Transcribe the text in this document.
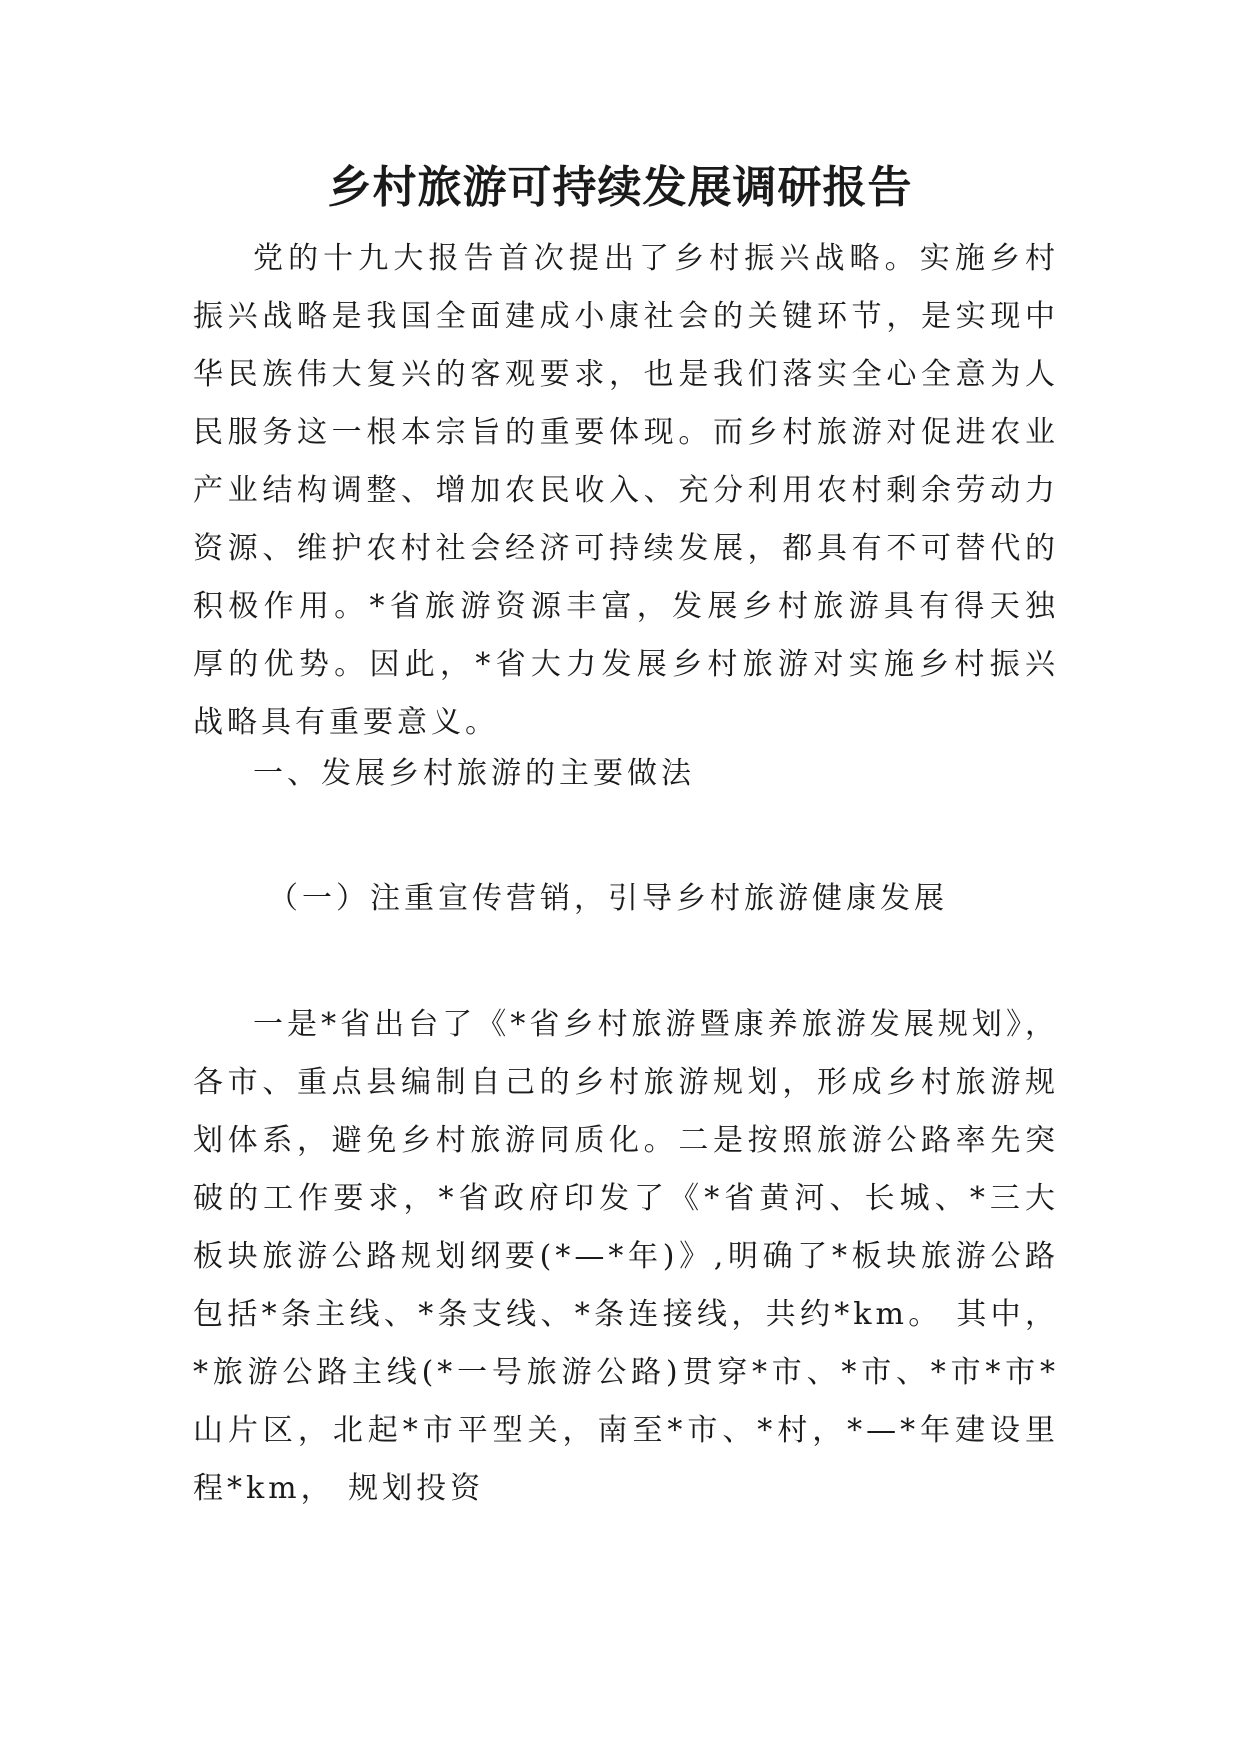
乡村旅游可持续发展调研报告

党的十九大报告首次提出了乡村振兴战略。实施乡村振兴战略是我国全面建成小康社会的关键环节，是实现中华民族伟大复兴的客观要求，也是我们落实全心全意为人民服务这一根本宗旨的重要体现。而乡村旅游对促进农业产业结构调整、增加农民收入、充分利用农村剩余劳动力资源、维护农村社会经济可持续发展，都具有不可替代的积极作用。*省旅游资源丰富，发展乡村旅游具有得天独厚的优势。因此，*省大力发展乡村旅游对实施乡村振兴战略具有重要意义。

一、发展乡村旅游的主要做法
（一）注重宣传营销，引导乡村旅游健康发展

一是*省出台了《*省乡村旅游暨康养旅游发展规划》，各市、重点县编制自己的乡村旅游规划，形成乡村旅游规划体系，避免乡村旅游同质化。二是按照旅游公路率先突破的工作要求，*省政府印发了《*省黄河、长城、*三大板块旅游公路规划纲要(*—*年)》,明确了*板块旅游公路包括*条主线、*条支线、*条连接线，共约*km。 其中，*旅游公路主线(*一号旅游公路)贯穿*市、*市、*市*市*山片区，北起*市平型关，南至*市、*村，*—*年建设里程*km， 规划投资
